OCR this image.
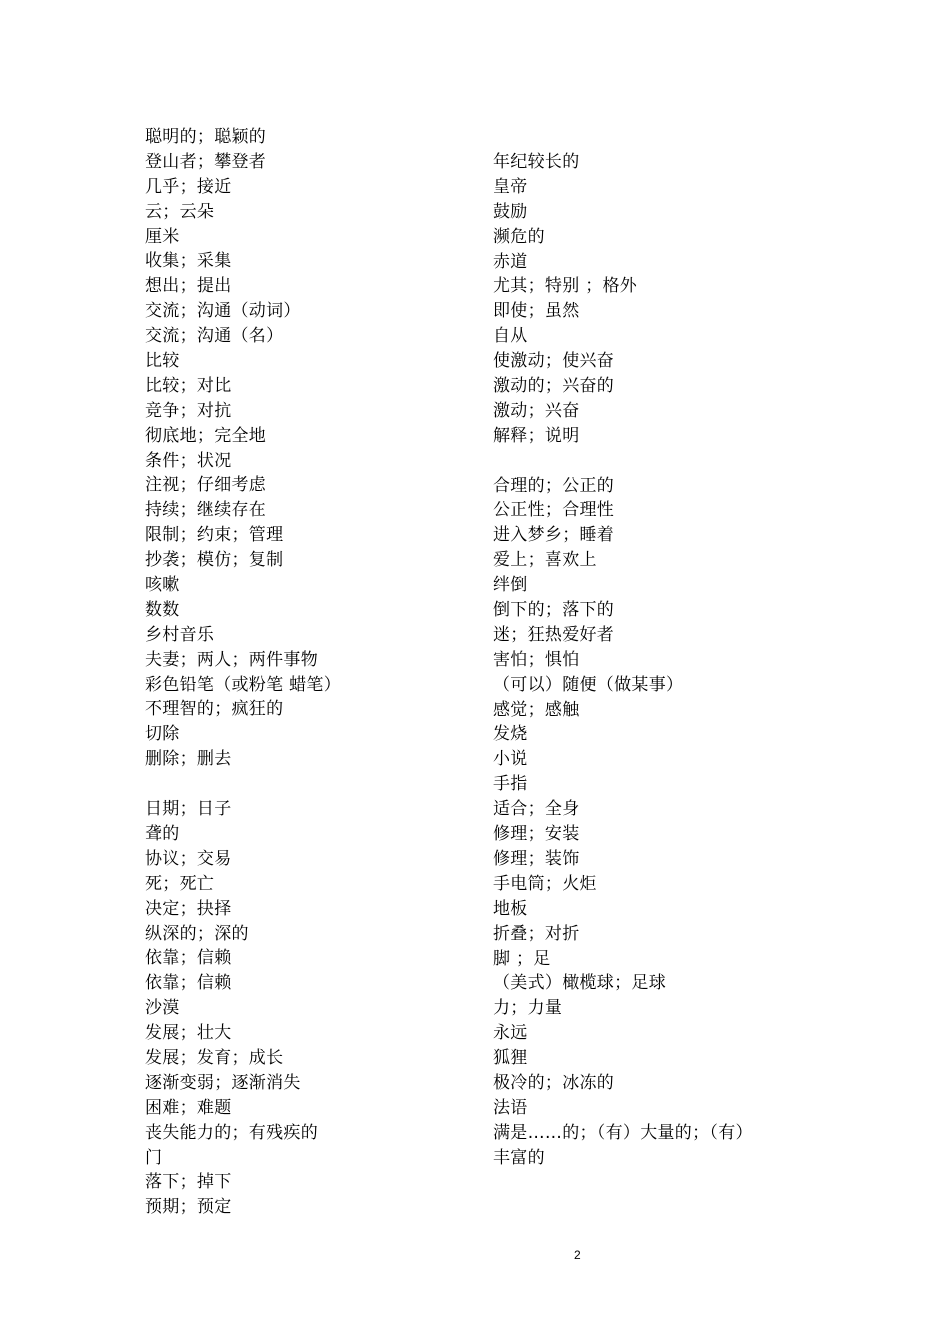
聪明的；聪颖的
登山者；攀登者
几乎；接近
云；云朵
厘米
收集；采集
想出；提出
交流；沟通（动词）
交流；沟通（名）
比较
比较；对比
竞争；对抗
彻底地；完全地
条件；状况
注视；仔细考虑
持续；继续存在
限制；约束；管理
抄袭；模仿；复制
咳嗽
数数
乡村音乐
夫妻；两人；两件事物
彩色铅笔（或粉笔 蜡笔）
不理智的；疯狂的
切除
删除；删去
日期；日子
聋的
协议；交易
死；死亡
决定；抉择
纵深的；深的
依靠；信赖
依靠；信赖
沙漠
发展；壮大
发展；发育；成长
逐渐变弱；逐渐消失
困难；难题
丧失能力的；有残疾的
门
落下；掉下
预期；预定
年纪较长的
皇帝
鼓励
濒危的
赤道
尤其；特别 ；格外
即使；虽然
自从
使激动；使兴奋
激动的；兴奋的
激动；兴奋
解释；说明
合理的；公正的
公正性；合理性
进入梦乡；睡着
爱上；喜欢上
绊倒
倒下的；落下的
迷；狂热爱好者
害怕；惧怕
（可以）随便（做某事）
感觉；感触
发烧
小说
手指
适合；全身
修理；安装
修理；装饰
手电筒；火炬
地板
折叠；对折
脚 ；足
（美式）橄榄球；足球
力；力量
永远
狐狸
极冷的；冰冻的
法语
满是……的；（有）大量的；（有）
丰富的
2
